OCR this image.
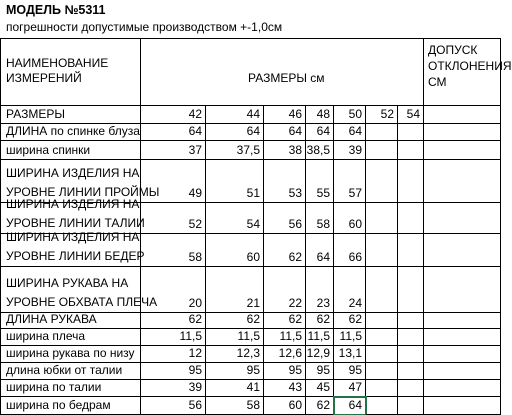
МОДЕЛЬ №5311
погрешности допустимые производством +-1,0см
НАИМЕНОВАНИЕ
ИЗМЕРЕНИЙ	РАЗМЕРЫ см
ДОПУСК
ОТКЛОНЕНИЯ
СМ
РАЗМЕРЫ	42	44 46 48 50 52 54
ДЛИНА по спинке блуза	64	64 64 64 64
ширина спинки	37	37,5 38 38,5 39
ШИРИНА ИЗДЕЛИЯ НА
УРОВНЕ ЛИНИИ ПРОЙМЫ 49	51 53 55 57
ШИРИНА ИЗДЕЛИЯ НА
УРОВНЕ ЛИНИИ ТАЛИИ	52	54 56 58 60
ШИРИНА ИЗДЕЛИЯ НА
УРОВНЕ ЛИНИИ БЕДЕР	58	60 62 64 66
ШИРИНА РУКАВА НА
УРОВНЕ ОБХВАТА ПЛЕЧА	20	21 22 23 24
ДЛИНА РУКАВА	62	62 62 62 62
ширина плеча	11,5	11,5 11,5 11,5 11,5
ширина рукава по низу	12	12,3 12,6 12,9 13,1
длина юбки от талии	95	95 95 95 95
ширина по талии	39	41 43 45 47
ширина по бедрам	56	58 60 62 64
